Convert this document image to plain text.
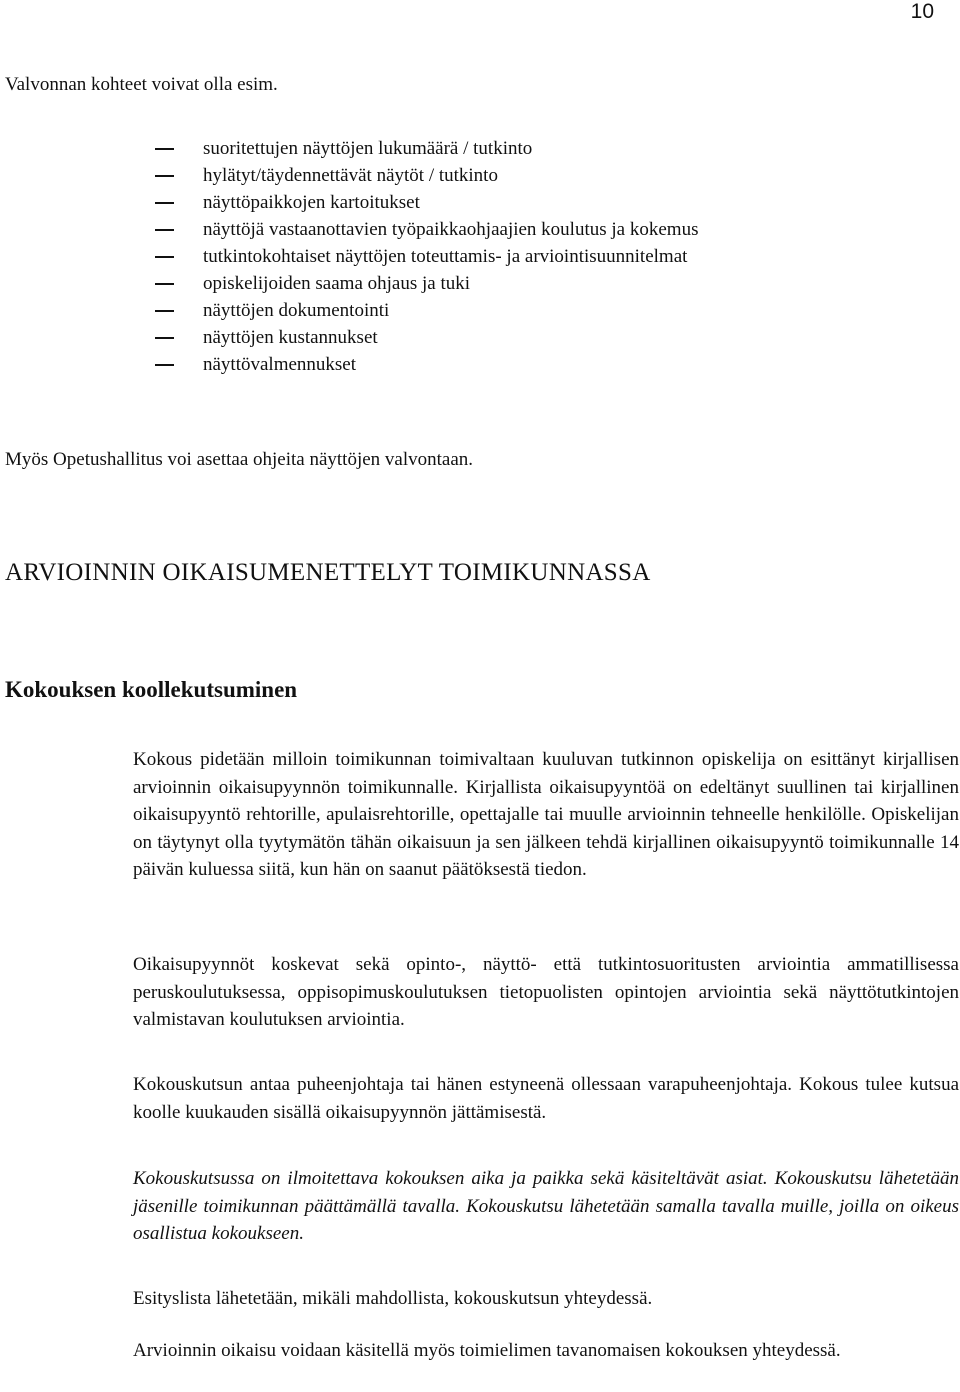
10

Valvonnan kohteet voivat olla esim.

suoritettujen näyttöjen lukumäärä / tutkinto
hylätyt/täydennettävät näytöt / tutkinto
näyttöpaikkojen kartoitukset
näyttöjä vastaanottavien työpaikkaohjaajien koulutus ja kokemus
tutkintokohtaiset näyttöjen toteuttamis- ja arviointisuunnitelmat
opiskelijoiden saama ohjaus ja tuki
näyttöjen dokumentointi
näyttöjen kustannukset
näyttövalmennukset

Myös Opetushallitus voi asettaa ohjeita näyttöjen valvontaan.

ARVIOINNIN OIKAISUMENETTELYT TOIMIKUNNASSA
Kokouksen koollekutsuminen

Kokous pidetään milloin toimikunnan toimivaltaan kuuluvan tutkinnon opiskelija on esittänyt kirjallisen arvioinnin oikaisupyynnön toimikunnalle. Kirjallista oikaisupyyntöä on edeltänyt suullinen tai kirjallinen oikaisupyyntö rehtorille, apulaisrehtorille, opettajalle tai muulle arvioinnin tehneelle henkilölle. Opiskelijan on täytynyt olla tyytymätön tähän oikaisuun ja sen jälkeen tehdä kirjallinen oikaisupyyntö toimikunnalle 14 päivän kuluessa siitä, kun hän on saanut päätöksestä tiedon.

Oikaisupyynnöt koskevat sekä opinto-, näyttö- että tutkintosuoritusten arviointia ammatillisessa peruskoulutuksessa, oppisopimuskoulutuksen tietopuolisten opintojen arviointia sekä näyttötutkintojen valmistavan koulutuksen arviointia.

Kokouskutsun antaa puheenjohtaja tai hänen estyneenä ollessaan varapuheenjohtaja. Kokous tulee kutsua koolle kuukauden sisällä oikaisupyynnön jättämisestä.

Kokouskutsussa on ilmoitettava kokouksen aika ja paikka sekä käsiteltävät asiat. Kokouskutsu lähetetään jäsenille toimikunnan päättämällä tavalla. Kokouskutsu lähetetään samalla tavalla muille, joilla on oikeus osallistua kokoukseen.

Esityslista lähetetään, mikäli mahdollista, kokouskutsun yhteydessä.

Arvioinnin oikaisu voidaan käsitellä myös toimielimen tavanomaisen kokouksen yhteydessä.
